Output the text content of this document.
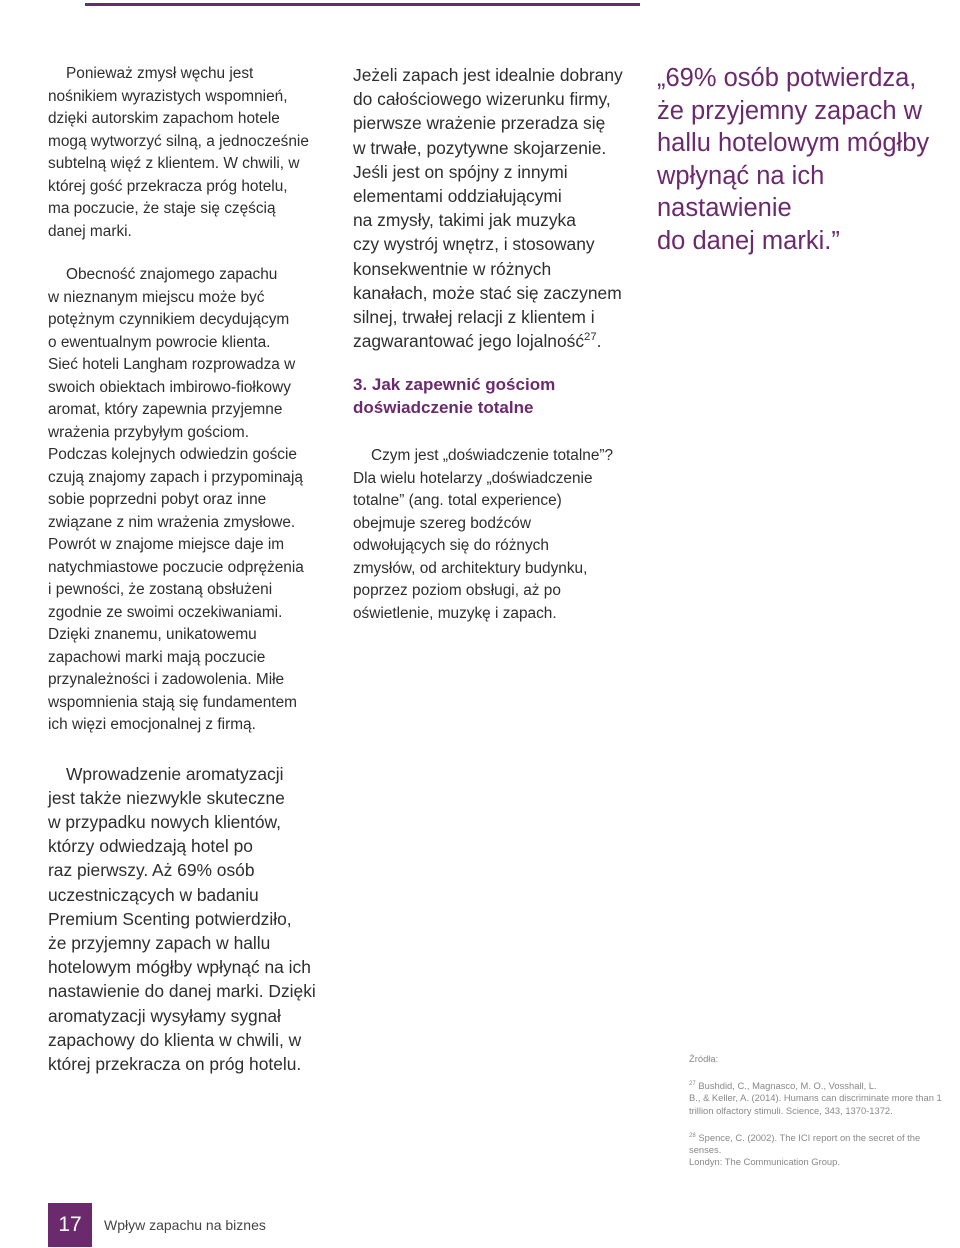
Ponieważ zmysł węchu jest
nośnikiem wyrazistych wspomnień,
dzięki autorskim zapachom hotele
mogą wytworzyć silną, a jednocześnie
subtelną więź z klientem. W chwili, w
której gość przekracza próg hotelu,
ma poczucie, że staje się częścią
danej marki.

Obecność znajomego zapachu
w nieznanym miejscu może być
potężnym czynnikiem decydującym
o ewentualnym powrocie klienta.
Sieć hoteli Langham rozprowadza w
swoich obiektach imbirowo-fiołkowy
aromat, który zapewnia przyjemne
wrażenia przybyłym gościom.
Podczas kolejnych odwiedzin goście
czują znajomy zapach i przypominają
sobie poprzedni pobyt oraz inne
związane z nim wrażenia zmysłowe.
Powrót w znajome miejsce daje im
natychmiastowe poczucie odprężenia
i pewności, że zostaną obsłużeni
zgodnie ze swoimi oczekiwaniami.
Dzięki znanemu, unikatowemu
zapachowi marki mają poczucie
przynależności i zadowolenia. Miłe
wspomnienia stają się fundamentem
ich więzi emocjonalnej z firmą.

Wprowadzenie aromatyzacji
jest także niezwykle skuteczne
w przypadku nowych klientów,
którzy odwiedzają hotel po
raz pierwszy. Aż 69% osób
uczestniczących w badaniu
Premium Scenting potwierdziło,
że przyjemny zapach w hallu
hotelowym mógłby wpłynąć na ich
nastawienie do danej marki. Dzięki
aromatyzacji wysyłamy sygnał
zapachowy do klienta w chwili, w
której przekracza on próg hotelu.

Jeżeli zapach jest idealnie dobrany
do całościowego wizerunku firmy,
pierwsze wrażenie przeradza się
w trwałe, pozytywne skojarzenie.
Jeśli jest on spójny z innymi
elementami oddziałującymi
na zmysły, takimi jak muzyka
czy wystrój wnętrz, i stosowany
konsekwentnie w różnych
kanałach, może stać się zaczynem
silnej, trwałej relacji z klientem i
zagwarantować jego lojalność$^{27}$.

3. Jak zapewnić gościom
doświadczenie totalne

Czym jest „doświadczenie totalne”?
Dla wielu hotelarzy „doświadczenie
totalne” (ang. total experience)
obejmuje szereg bodźców
odwołujących się do różnych
zmysłów, od architektury budynku,
poprzez poziom obsługi, aż po
oświetlenie, muzykę i zapach.

„69% osób potwierdza,
że przyjemny zapach w
hallu hotelowym mógłby
wpłynąć na ich nastawienie
do danej marki.”

Źródła:

$^{27}$ Bushdid, C., Magnasco, M. O., Vosshall, L.
B., & Keller, A. (2014). Humans can discriminate more than 1
trillion olfactory stimuli. Science, 343, 1370-1372.

$^{28}$ Spence, C. (2002). The ICI report on the secret of the senses.
Londyn: The Communication Group.

17 Wpływ zapachu na biznes
